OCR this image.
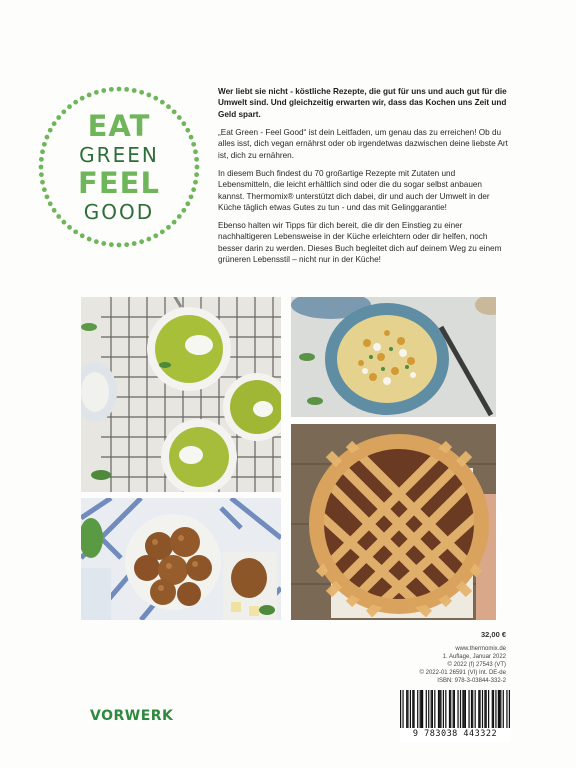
EAT
GREEN
FEEL
GOOD

Wer liebt sie nicht - köstliche Rezepte, die gut für uns und auch gut für die Umwelt sind. Und gleichzeitig erwarten wir, dass das Kochen uns Zeit und Geld spart.

„Eat Green - Feel Good“ ist dein Leitfaden, um genau das zu erreichen! Ob du alles isst, dich vegan ernährst oder ob irgendetwas dazwischen deine liebste Art ist, dich zu ernähren.

In diesem Buch findest du 70 großartige Rezepte mit Zutaten und Lebensmitteln, die leicht erhältlich sind oder die du sogar selbst anbauen kannst. Thermomix® unterstützt dich dabei, dir und auch der Umwelt in der Küche täglich etwas Gutes zu tun - und das mit Gelinggarantie!

Ebenso halten wir Tipps für dich bereit, die dir den Einstieg zu einer nachhaltigeren Lebensweise in der Küche erleichtern oder dir helfen, noch besser darin zu werden. Dieses Buch begleitet dich auf deinem Weg zu einem grüneren Lebensstil – nicht nur in der Küche!

32,00 €
www.thermomix.de
1. Auflage, Januar 2022
© 2022 (f) 27543 (VT)
© 2022-01 26591 (VI) Int. DE-de
ISBN: 978-3-03844-332-2
9 783038 443322
VORWERK
